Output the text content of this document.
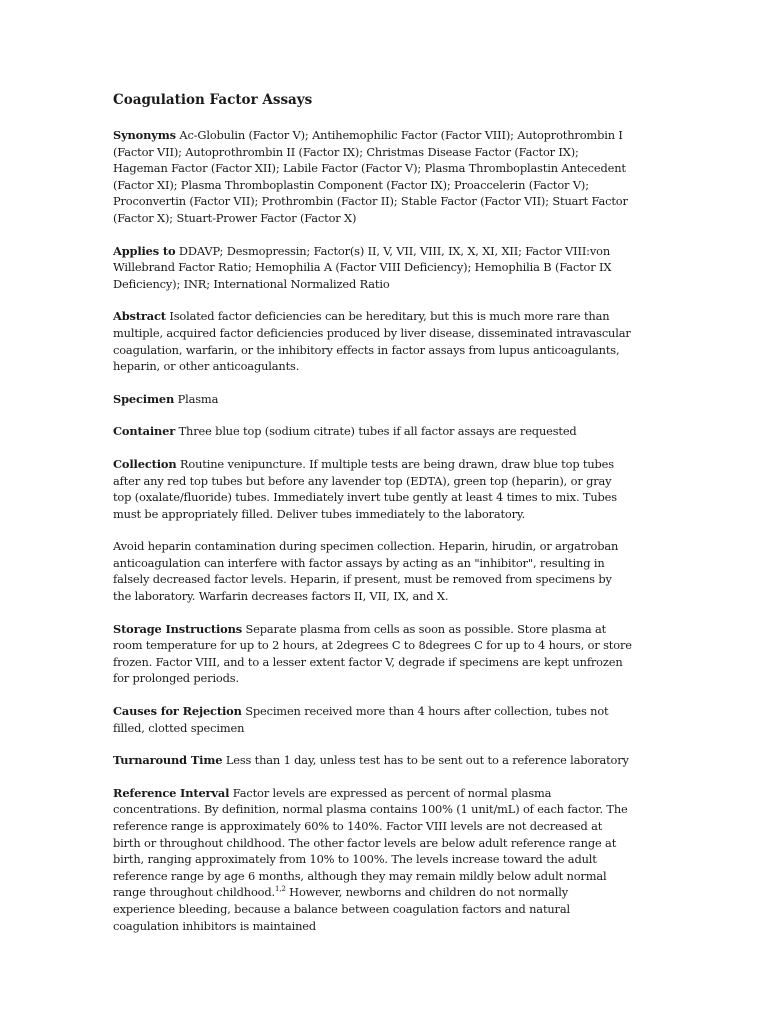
Coagulation Factor Assays

Synonyms Ac-Globulin (Factor V); Antihemophilic Factor (Factor VIII); Autoprothrombin I (Factor VII); Autoprothrombin II (Factor IX); Christmas Disease Factor (Factor IX); Hageman Factor (Factor XII); Labile Factor (Factor V); Plasma Thromboplastin Antecedent (Factor XI); Plasma Thromboplastin Component (Factor IX); Proaccelerin (Factor V); Proconvertin (Factor VII); Prothrombin (Factor II); Stable Factor (Factor VII); Stuart Factor (Factor X); Stuart-Prower Factor (Factor X)

Applies to DDAVP; Desmopressin; Factor(s) II, V, VII, VIII, IX, X, XI, XII; Factor VIII:von Willebrand Factor Ratio; Hemophilia A (Factor VIII Deficiency); Hemophilia B (Factor IX Deficiency); INR; International Normalized Ratio

Abstract Isolated factor deficiencies can be hereditary, but this is much more rare than multiple, acquired factor deficiencies produced by liver disease, disseminated intravascular coagulation, warfarin, or the inhibitory effects in factor assays from lupus anticoagulants, heparin, or other anticoagulants.

Specimen Plasma

Container Three blue top (sodium citrate) tubes if all factor assays are requested

Collection Routine venipuncture. If multiple tests are being drawn, draw blue top tubes after any red top tubes but before any lavender top (EDTA), green top (heparin), or gray top (oxalate/fluoride) tubes. Immediately invert tube gently at least 4 times to mix. Tubes must be appropriately filled. Deliver tubes immediately to the laboratory.

Avoid heparin contamination during specimen collection. Heparin, hirudin, or argatroban anticoagulation can interfere with factor assays by acting as an "inhibitor", resulting in falsely decreased factor levels. Heparin, if present, must be removed from specimens by the laboratory. Warfarin decreases factors II, VII, IX, and X.

Storage Instructions Separate plasma from cells as soon as possible. Store plasma at room temperature for up to 2 hours, at 2degrees C to 8degrees C for up to 4 hours, or store frozen. Factor VIII, and to a lesser extent factor V, degrade if specimens are kept unfrozen for prolonged periods.

Causes for Rejection Specimen received more than 4 hours after collection, tubes not filled, clotted specimen

Turnaround Time Less than 1 day, unless test has to be sent out to a reference laboratory

Reference Interval Factor levels are expressed as percent of normal plasma concentrations. By definition, normal plasma contains 100% (1 unit/mL) of each factor. The reference range is approximately 60% to 140%. Factor VIII levels are not decreased at birth or throughout childhood. The other factor levels are below adult reference range at birth, ranging approximately from 10% to 100%. The levels increase toward the adult reference range by age 6 months, although they may remain mildly below adult normal range throughout childhood.$^{1,2}$ However, newborns and children do not normally experience bleeding, because a balance between coagulation factors and natural coagulation inhibitors is maintained
